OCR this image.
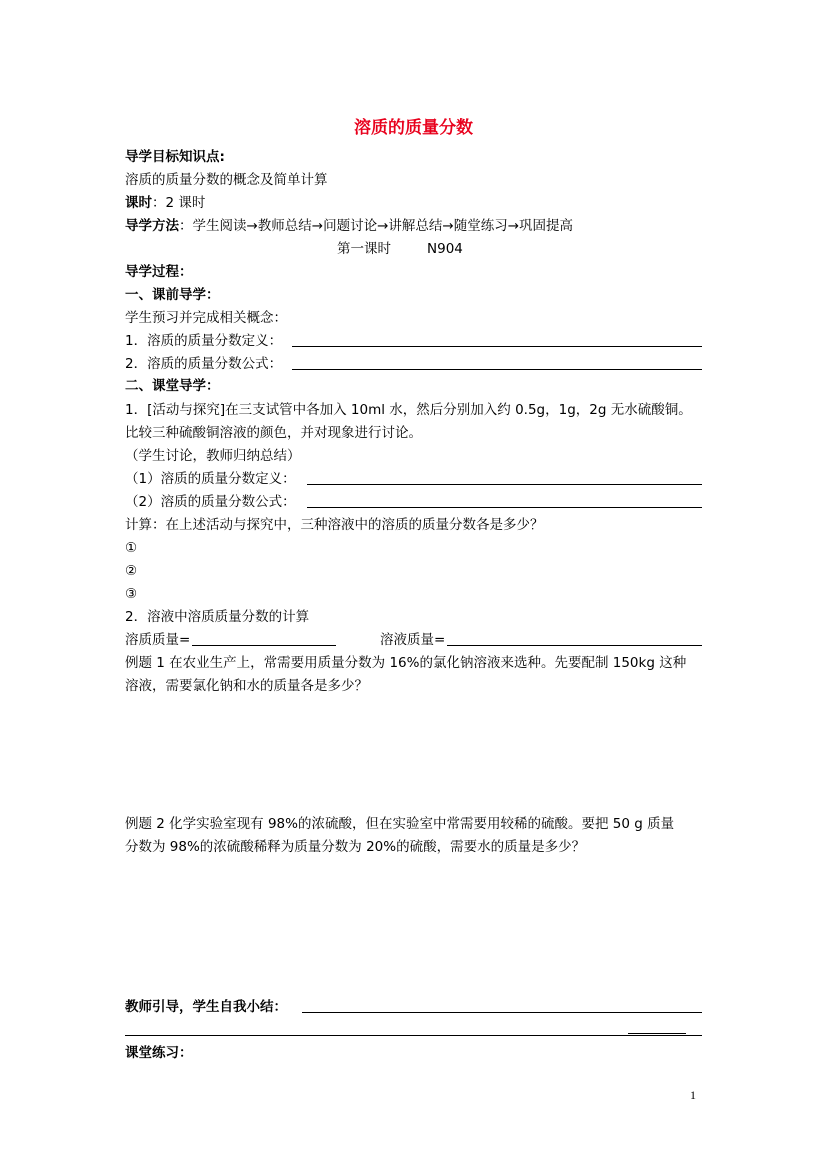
溶质的质量分数
导学目标知识点:
溶质的质量分数的概念及简单计算
课时：2 课时
导学方法：学生阅读→教师总结→问题讨论→讲解总结→随堂练习→巩固提高
第一课时	N904
导学过程：
一、课前导学：
学生预习并完成相关概念：
1．溶质的质量分数定义：
2．溶质的质量分数公式：
二、课堂导学：
1．[活动与探究]在三支试管中各加入 10ml 水，然后分别加入约 0.5g，1g，2g 无水硫酸铜。
比较三种硫酸铜溶液的颜色，并对现象进行讨论。
（学生讨论，教师归纳总结）
（1）溶质的质量分数定义：
（2）溶质的质量分数公式：
计算：在上述活动与探究中，三种溶液中的溶质的质量分数各是多少？
①
②
③
2．溶液中溶质质量分数的计算
溶质质量=	溶液质量=
例题 1 在农业生产上，常需要用质量分数为 16%的氯化钠溶液来选种。先要配制 150kg 这种
溶液，需要氯化钠和水的质量各是多少？
例题 2 化学实验室现有 98%的浓硫酸，但在实验室中常需要用较稀的硫酸。要把 50 g 质量
分数为 98%的浓硫酸稀释为质量分数为 20%的硫酸，需要水的质量是多少？
教师引导，学生自我小结：
课堂练习：
1
